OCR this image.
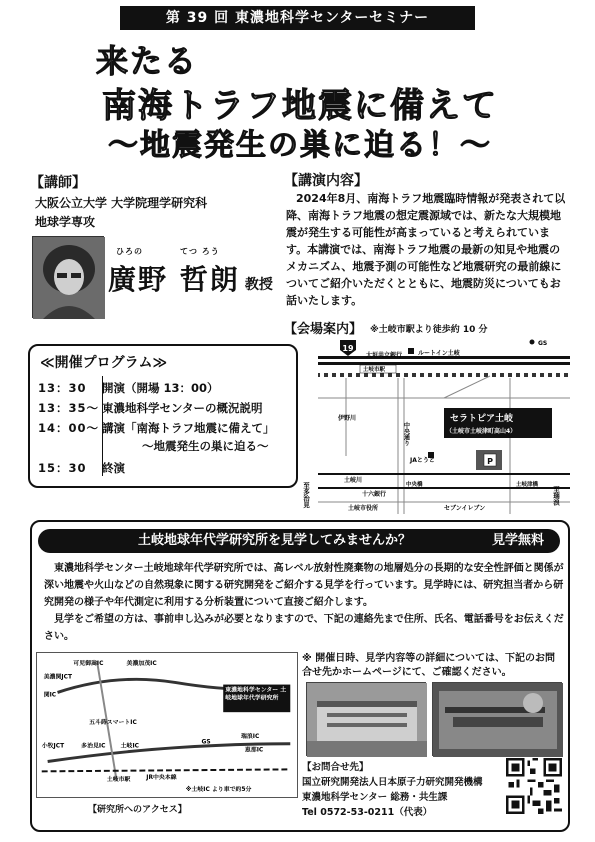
第 39 回 東濃地科学センターセミナー
来たる
南海トラフ地震に備えて
～地震発生の巣に迫る！～
【講師】
大阪公立大学 大学院理学研究科
地球学専攻
ひろの	てつ ろう
廣野 哲朗 教授
【講演内容】
2024年8月、南海トラフ地震臨時情報が発表されて以降、南海トラフ地震の想定震源域では、新たな大規模地震が発生する可能性が高まっていると考えられています。本講演では、南海トラフ地震の最新の知見や地震のメカニズム、地震予測の可能性など地震研究の最前線についてご紹介いただくとともに、地震防災についてもお話いたします。
≪開催プログラム≫
13：30	開演（開場 13：00）
13：35～ 東濃地科学センターの概況説明
14：00～ 講演「南海トラフ地震に備えて」
～地震発生の巣に迫る～
15：30	終演
【会場案内】 ※土岐市駅より徒歩約 10 分
19
大垣共立銀行	ルートイン土岐
GS
土岐市駅
伊野川
中央通り
セラトピア土岐
（土岐市土岐津町高山4）
P
JAとうと
土岐川
十六銀行
土岐市役所	セブンイレブン
中央橋	土岐津橋
至多治見	至瑞浪
土岐地球年代学研究所を見学してみませんか？	見学無料

東濃地科学センター土岐地球年代学研究所では、高レベル放射性廃棄物の地層処分の長期的な安全性評価と関係が深い地震や火山などの自然現象に関する研究開発をご紹介する見学を行っています。見学時には、研究担当者から研究開発の様子や年代測定に利用する分析装置について直接ご紹介します。

見学をご希望の方は、事前申し込みが必要となりますので、下記の連絡先まで住所、氏名、電話番号をお伝えください。

可児御嵩IC	美濃加茂IC
美濃関JCT
関IC
小牧JCT	多治見IC	土岐IC
瑞浪IC
恵那IC
土岐市駅	JR中央本線
五斗蒔スマートIC
GS
東濃地科学センター 土岐地球年代学研究所
※土岐IC より車で約5分
【研究所へのアクセス】
※ 開催日時、見学内容等の詳細については、下記のお問合せ先かホームページにて、ご確認ください。
【お問合せ先】
国立研究開発法人日本原子力研究開発機構
東濃地科学センター 総務・共生課
Tel 0572-53-0211（代表）
